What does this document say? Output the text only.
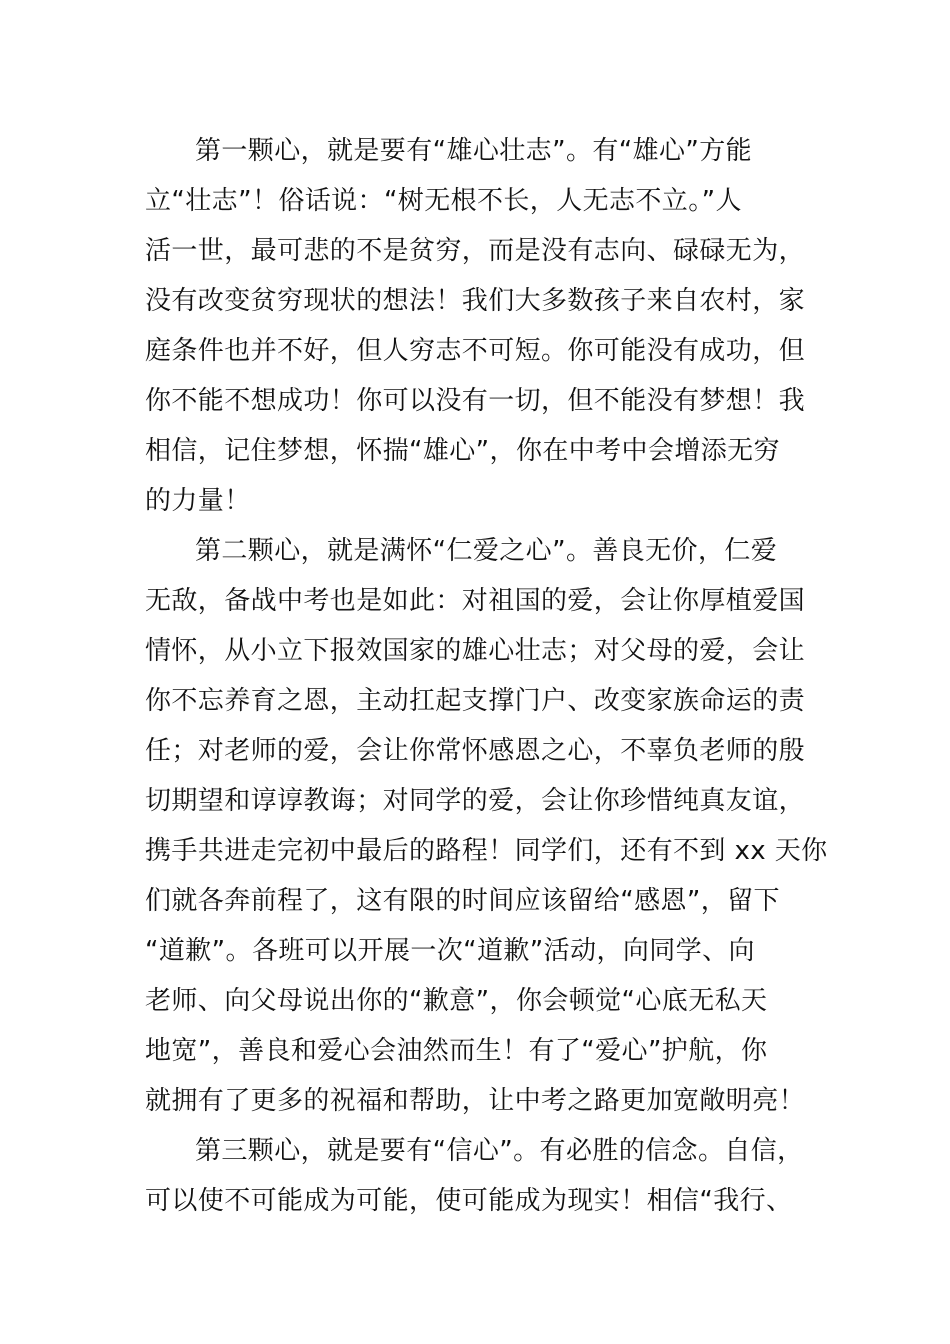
第一颗心，就是要有“雄心壮志”。有“雄心”方能

立“壮志”！俗话说：“树无根不长，人无志不立。”人

活一世，最可悲的不是贫穷，而是没有志向、碌碌无为，

没有改变贫穷现状的想法！我们大多数孩子来自农村，家

庭条件也并不好，但人穷志不可短。你可能没有成功，但

你不能不想成功！你可以没有一切，但不能没有梦想！我

相信，记住梦想，怀揣“雄心”，你在中考中会增添无穷

的力量！

第二颗心，就是满怀“仁爱之心”。善良无价，仁爱

无敌，备战中考也是如此：对祖国的爱，会让你厚植爱国

情怀，从小立下报效国家的雄心壮志；对父母的爱，会让

你不忘养育之恩，主动扛起支撑门户、改变家族命运的责

任；对老师的爱，会让你常怀感恩之心，不辜负老师的殷

切期望和谆谆教诲；对同学的爱，会让你珍惜纯真友谊，

携手共进走完初中最后的路程！同学们，还有不到 xx 天你

们就各奔前程了，这有限的时间应该留给“感恩”，留下

“道歉”。各班可以开展一次“道歉”活动，向同学、向

老师、向父母说出你的“歉意”，你会顿觉“心底无私天

地宽”，善良和爱心会油然而生！有了“爱心”护航，你

就拥有了更多的祝福和帮助，让中考之路更加宽敞明亮！

第三颗心，就是要有“信心”。有必胜的信念。自信，

可以使不可能成为可能，使可能成为现实！相信“我行、
